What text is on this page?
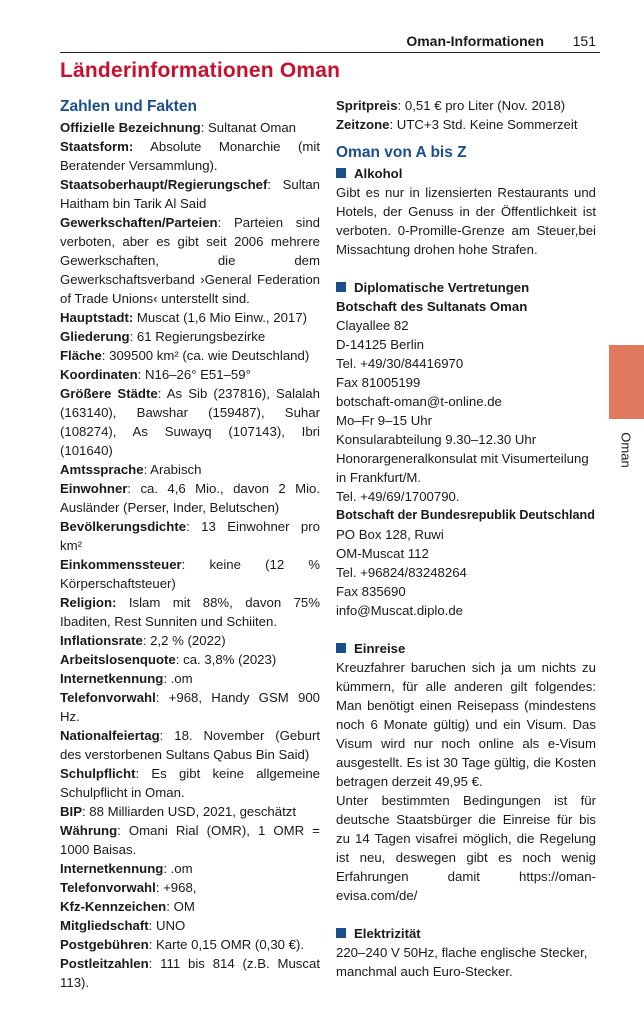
Oman-Informationen 151
Länderinformationen Oman
Oman

Zahlen und Fakten

Offizielle Bezeichnung: Sultanat Oman

Staatsform: Absolute Monarchie (mit Beratender Versammlung).

Staatsoberhaupt/Regierungschef: Sultan Haitham bin Tarik Al Said

Gewerkschaften/Parteien: Parteien sind verboten, aber es gibt seit 2006 mehrere Gewerkschaften, die dem Gewerkschaftsverband ›General Federation of Trade Unions‹ unterstellt sind.

Hauptstadt: Muscat (1,6 Mio Einw., 2017)

Gliederung: 61 Regierungsbezirke

Fläche: 309500 km² (ca. wie Deutschland)

Koordinaten: N16–26° E51–59°

Größere Städte: As Sib (237816), Salalah (163140), Bawshar (159487), Suhar (108274), As Suwayq (107143), Ibri (101640)

Amtssprache: Arabisch

Einwohner: ca. 4,6 Mio., davon 2 Mio. Ausländer (Perser, Inder, Belutschen)

Bevölkerungsdichte: 13 Einwohner pro km²

Einkommenssteuer: keine (12 % Körperschaftsteuer)

Religion: Islam mit 88%, davon 75% Ibaditen, Rest Sunniten und Schiiten.

Inflationsrate: 2,2 % (2022)

Arbeitslosenquote: ca. 3,8% (2023)

Internetkennung: .om

Telefonvorwahl: +968, Handy GSM 900 Hz.

Nationalfeiertag: 18. November (Geburt des verstorbenen Sultans Qabus Bin Said)

Schulpflicht: Es gibt keine allgemeine Schulpflicht in Oman.

BIP: 88 Milliarden USD, 2021, geschätzt

Währung: Omani Rial (OMR), 1 OMR = 1000 Baisas.

Internetkennung: .om

Telefonvorwahl: +968,

Kfz-Kennzeichen: OM

Mitgliedschaft: UNO

Postgebühren: Karte 0,15 OMR (0,30 €).

Postleitzahlen: 111 bis 814 (z.B. Muscat 113).

Spritpreis: 0,51 € pro Liter (Nov. 2018)

Zeitzone: UTC+3 Std. Keine Sommerzeit

Oman von A bis Z

Alkohol

Gibt es nur in lizensierten Restaurants und Hotels, der Genuss in der Öffentlichkeit ist verboten. 0-Promille-Grenze am Steuer,bei Missachtung drohen hohe Strafen.

Diplomatische Vertretungen

Botschaft des Sultanats Oman

Clayallee 82

D-14125 Berlin

Tel. +49/30/84416970

Fax 81005199

botschaft-oman@t-online.de

Mo–Fr 9–15 Uhr

Konsularabteilung 9.30–12.30 Uhr

Honorargeneralkonsulat mit Visumerteilung in Frankfurt/M.

Tel. +49/69/1700790.

Botschaft der Bundesrepublik Deutschland

PO Box 128, Ruwi

OM-Muscat 112

Tel. +96824/83248264

Fax 835690

info@Muscat.diplo.de

Einreise

Kreuzfahrer baruchen sich ja um nichts zu kümmern, für alle anderen gilt folgendes: Man benötigt einen Reisepass (mindestens noch 6 Monate gültig) und ein Visum. Das Visum wird nur noch online als e-Visum ausgestellt. Es ist 30 Tage gültig, die Kosten betragen derzeit 49,95 €.

Unter bestimmten Bedingungen ist für deutsche Staatsbürger die Einreise für bis zu 14 Tagen visafrei möglich, die Regelung ist neu, deswegen gibt es noch wenig Erfahrungen damit https://oman-evisa.com/de/

Elektrizität

220–240 V 50Hz, flache englische Stecker, manchmal auch Euro-Stecker.
